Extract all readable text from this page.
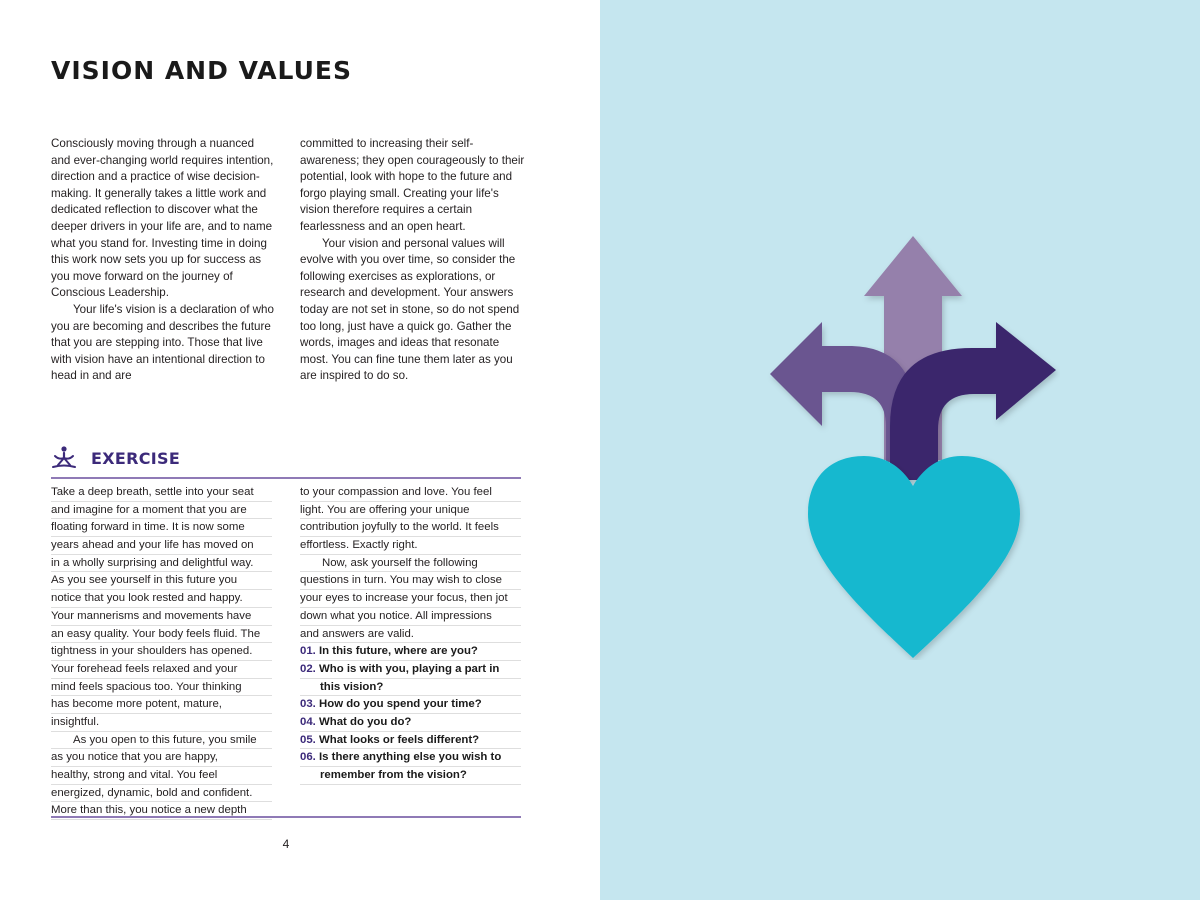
VISION AND VALUES

Consciously moving through a nuanced and ever-changing world requires intention, direction and a practice of wise decision-making. It generally takes a little work and dedicated reflection to discover what the deeper drivers in your life are, and to name what you stand for. Investing time in doing this work now sets you up for success as you move forward on the journey of Conscious Leadership.

Your life's vision is a declaration of who you are becoming and describes the future that you are stepping into. Those that live with vision have an intentional direction to head in and are

committed to increasing their self-awareness; they open courageously to their potential, look with hope to the future and forgo playing small. Creating your life's vision therefore requires a certain fearlessness and an open heart.

Your vision and personal values will evolve with you over time, so consider the following exercises as explorations, or research and development. Your answers today are not set in stone, so do not spend too long, just have a quick go. Gather the words, images and ideas that resonate most. You can fine tune them later as you are inspired to do so.

EXERCISE
Take a deep breath, settle into your seat
and imagine for a moment that you are
floating forward in time. It is now some
years ahead and your life has moved on
in a wholly surprising and delightful way.
As you see yourself in this future you
notice that you look rested and happy.
Your mannerisms and movements have
an easy quality. Your body feels fluid. The
tightness in your shoulders has opened.
Your forehead feels relaxed and your
mind feels spacious too. Your thinking
has become more potent, mature,
insightful.
As you open to this future, you smile
as you notice that you are happy,
healthy, strong and vital. You feel
energized, dynamic, bold and confident.
More than this, you notice a new depth
to your compassion and love. You feel
light. You are offering your unique
contribution joyfully to the world. It feels
effortless. Exactly right.
Now, ask yourself the following
questions in turn. You may wish to close
your eyes to increase your focus, then jot
down what you notice. All impressions
and answers are valid.
01. In this future, where are you?
02. Who is with you, playing a part in
this vision?
03. How do you spend your time?
04. What do you do?
05. What looks or feels different?
06. Is there anything else you wish to
remember from the vision?
4
